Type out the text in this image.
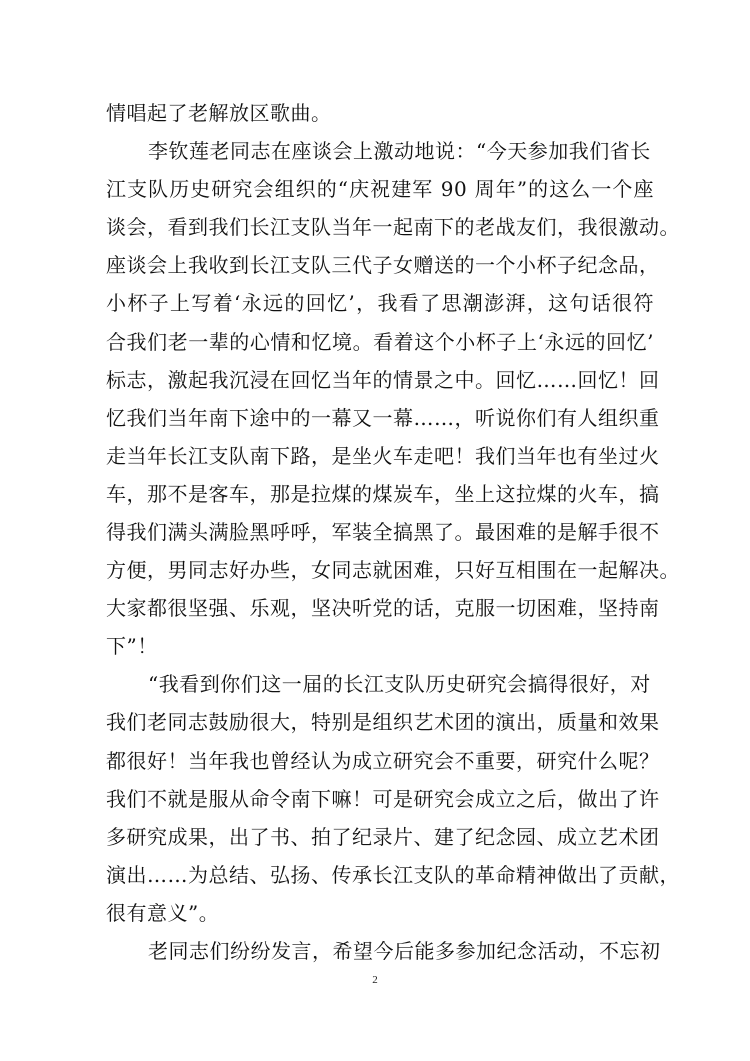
情唱起了老解放区歌曲。
李钦莲老同志在座谈会上激动地说：“今天参加我们省长
江支队历史研究会组织的“庆祝建军 90 周年”的这么一个座
谈会，看到我们长江支队当年一起南下的老战友们，我很激动。
座谈会上我收到长江支队三代子女赠送的一个小杯子纪念品，
小杯子上写着‘永远的回忆’，我看了思潮澎湃，这句话很符
合我们老一辈的心情和忆境。看着这个小杯子上‘永远的回忆’
标志，激起我沉浸在回忆当年的情景之中。回忆……回忆！回
忆我们当年南下途中的一幕又一幕……，听说你们有人组织重
走当年长江支队南下路，是坐火车走吧！我们当年也有坐过火
车，那不是客车，那是拉煤的煤炭车，坐上这拉煤的火车，搞
得我们满头满脸黑呼呼，军装全搞黑了。最困难的是解手很不
方便，男同志好办些，女同志就困难，只好互相围在一起解决。
大家都很坚强、乐观，坚决听党的话，克服一切困难，坚持南
下”！
“我看到你们这一届的长江支队历史研究会搞得很好，对
我们老同志鼓励很大，特别是组织艺术团的演出，质量和效果
都很好！当年我也曾经认为成立研究会不重要，研究什么呢？
我们不就是服从命令南下嘛！可是研究会成立之后，做出了许
多研究成果，出了书、拍了纪录片、建了纪念园、成立艺术团
演出……为总结、弘扬、传承长江支队的革命精神做出了贡献，
很有意义”。
老同志们纷纷发言，希望今后能多参加纪念活动，不忘初
2
